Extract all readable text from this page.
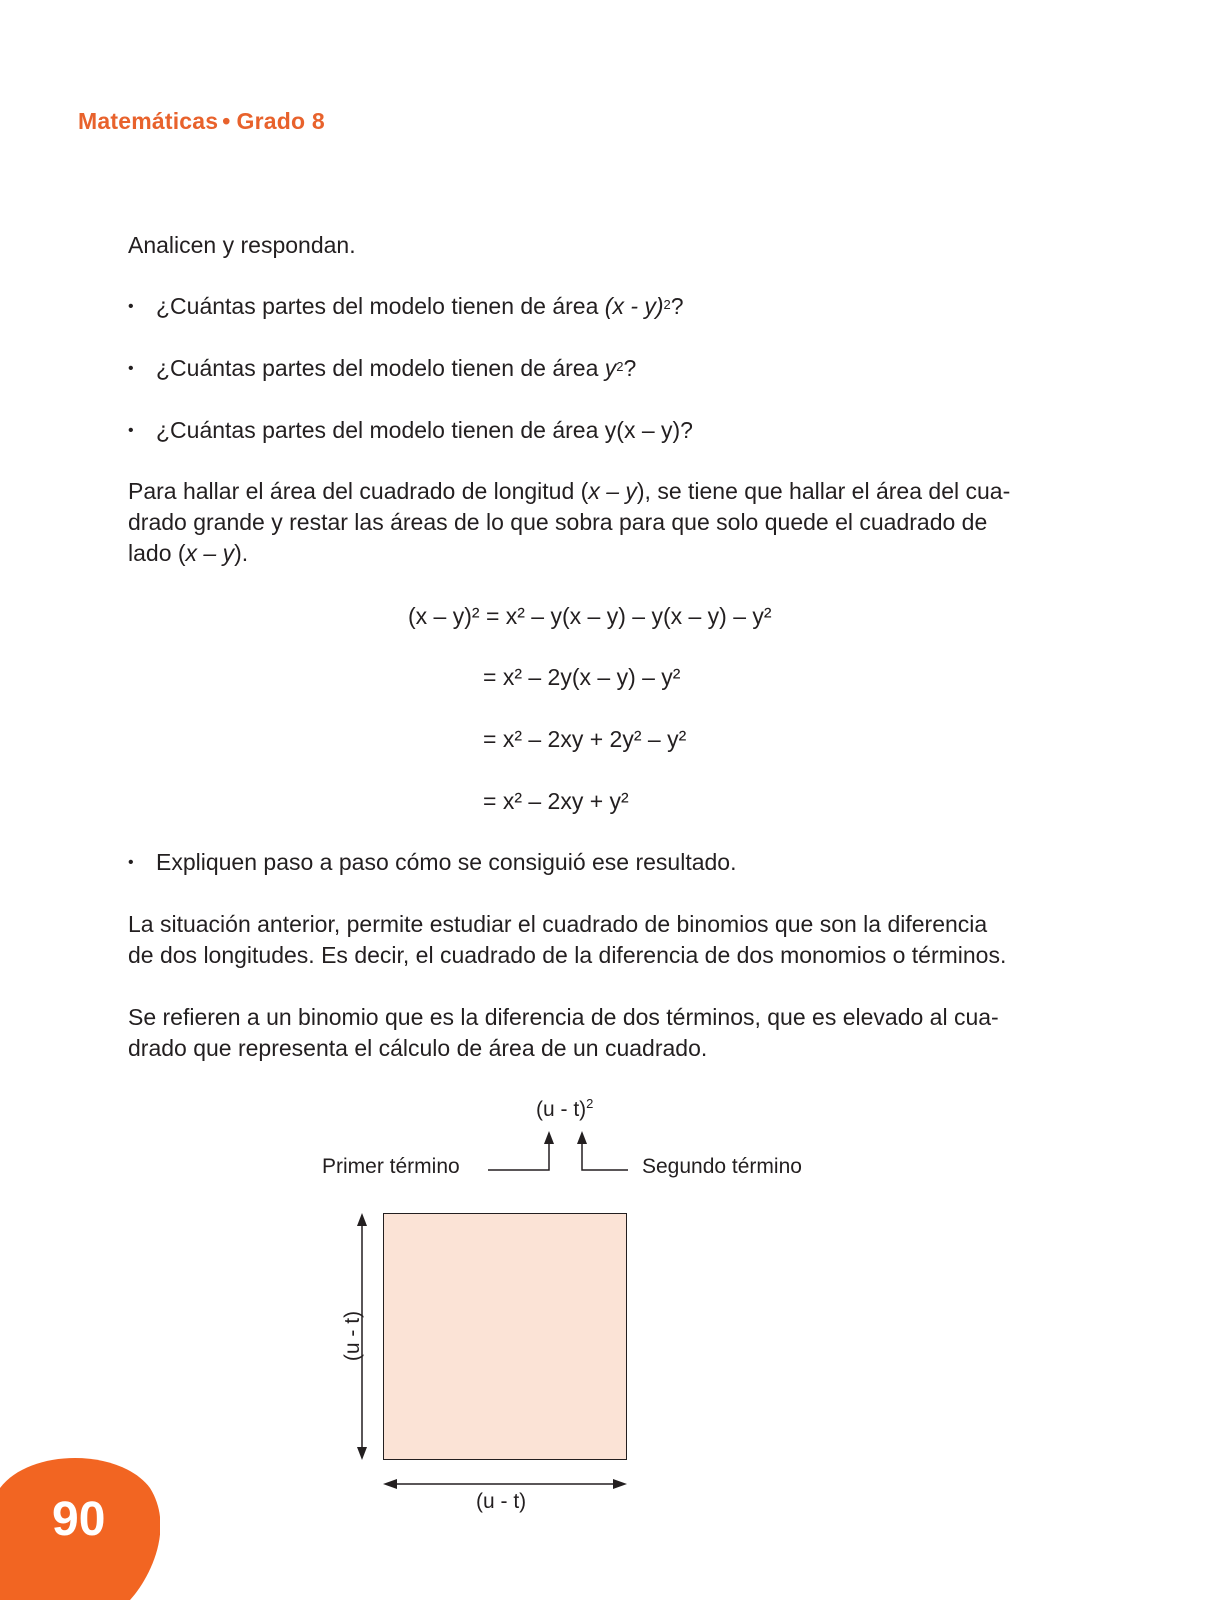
Matemáticas • Grado 8
Analicen y respondan.
• ¿Cuántas partes del modelo tienen de área (x - y)$^2$?
• ¿Cuántas partes del modelo tienen de área $y^2$?
• ¿Cuántas partes del modelo tienen de área y(x – y)?
Para hallar el área del cuadrado de longitud (x – y), se tiene que hallar el área del cua-
drado grande y restar las áreas de lo que sobra para que solo quede el cuadrado de
lado (x – y).
(x – y)² = x² – y(x – y) – y(x – y) – y²
= x² – 2y(x – y) – y²
= x² – 2xy + 2y² – y²
= x² – 2xy + y²
• Expliquen paso a paso cómo se consiguió ese resultado.
La situación anterior, permite estudiar el cuadrado de binomios que son la diferencia
de dos longitudes. Es decir, el cuadrado de la diferencia de dos monomios o términos.
Se refieren a un binomio que es la diferencia de dos términos, que es elevado al cua-
drado que representa el cálculo de área de un cuadrado.
(u - t)$^2$
Primer término	Segundo término
(u - t)
(u - t)
90
